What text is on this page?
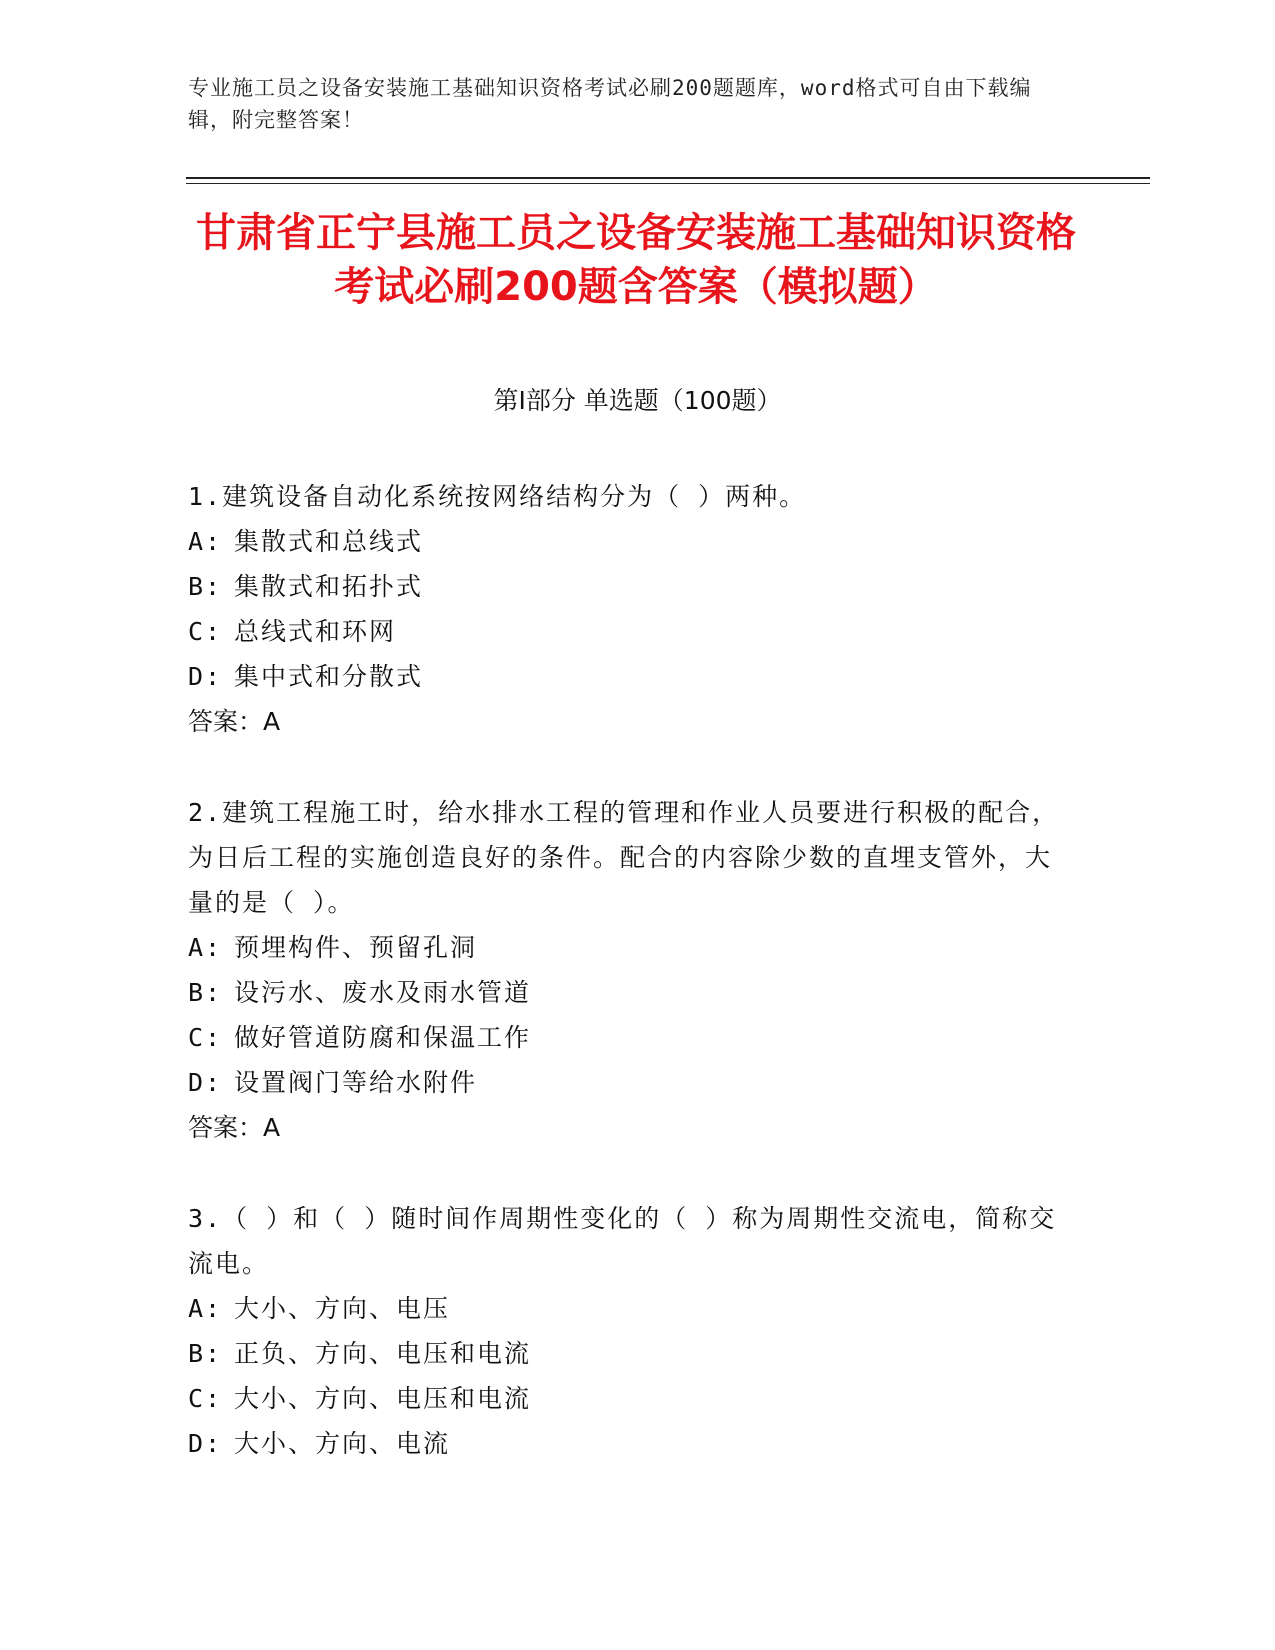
专业施工员之设备安装施工基础知识资格考试必刷200题题库，word格式可自由下载编辑，附完整答案！
甘肃省正宁县施工员之设备安装施工基础知识资格考试必刷200题含答案（模拟题）
第Ⅰ部分 单选题（100题）
1.建筑设备自动化系统按网络结构分为（ ）两种。
A: 集散式和总线式
B: 集散式和拓扑式
C: 总线式和环网
D: 集中式和分散式
答案：A
2.建筑工程施工时，给水排水工程的管理和作业人员要进行积极的配合，为日后工程的实施创造良好的条件。配合的内容除少数的直埋支管外，大量的是（ ）。
A: 预埋构件、预留孔洞
B: 设污水、废水及雨水管道
C: 做好管道防腐和保温工作
D: 设置阀门等给水附件
答案：A
3.（ ）和（ ）随时间作周期性变化的（ ）称为周期性交流电，简称交流电。
A: 大小、方向、电压
B: 正负、方向、电压和电流
C: 大小、方向、电压和电流
D: 大小、方向、电流
